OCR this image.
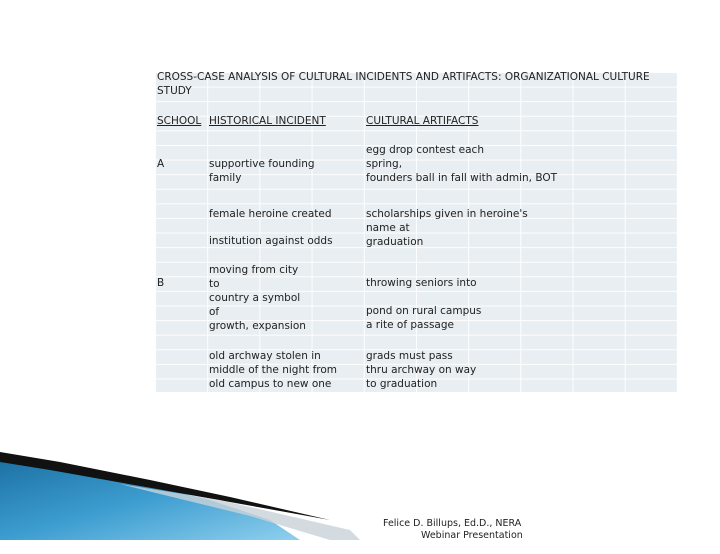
CROSS-CASE ANALYSIS OF CULTURAL INCIDENTS AND ARTIFACTS: ORGANIZATIONAL CULTURE
STUDY

SCHOOL HISTORICAL INCIDENT	CULTURAL ARTIFACTS

A	supportive founding
family

egg drop contest each
spring,
founders ball in fall with admin, BOT

female heroine created

institution against odds

scholarships given in heroine's
name at
graduation

B

moving from city
to
country a symbol
of
growth, expansion

throwing seniors into

pond on rural campus
a rite of passage

old archway stolen in
middle of the night from
old campus to new one

grads must pass
thru archway on way
to graduation

Felice D. Billups, Ed.D., NERA

Webinar Presentation
